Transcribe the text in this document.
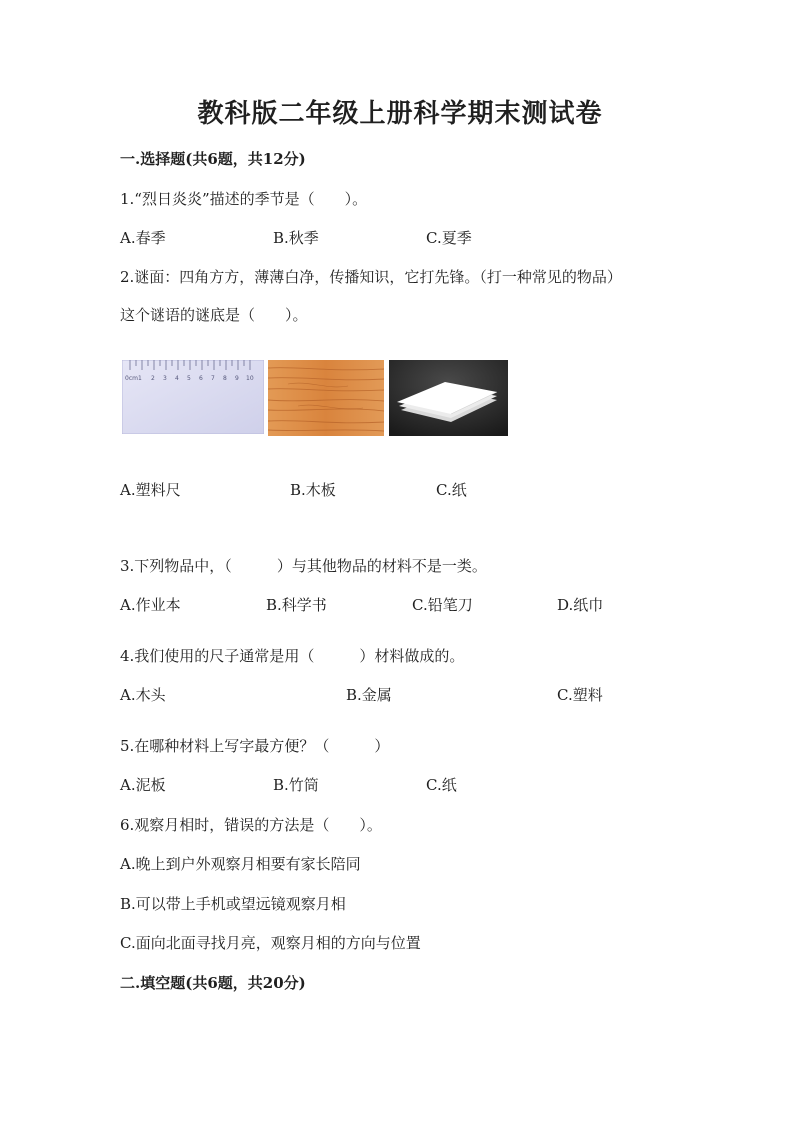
教科版二年级上册科学期末测试卷
一.选择题(共6题，共12分)
1.“烈日炎炎”描述的季节是（　　）。
A.春季	B.秋季	C.夏季
2.谜面：四角方方，薄薄白净，传播知识，它打先锋。（打一种常见的物品）
这个谜语的谜底是（　　）。
0cm1 2 3 4 5 6 7 8 9 10
A.塑料尺	B.木板	C.纸
3.下列物品中，（　　　）与其他物品的材料不是一类。
A.作业本	B.科学书	C.铅笔刀	D.纸巾
4.我们使用的尺子通常是用（　　　）材料做成的。
A.木头	B.金属	C.塑料
5.在哪种材料上写字最方便？（　　　）
A.泥板	B.竹筒	C.纸
6.观察月相时，错误的方法是（　　）。
A.晚上到户外观察月相要有家长陪同
B.可以带上手机或望远镜观察月相
C.面向北面寻找月亮，观察月相的方向与位置
二.填空题(共6题，共20分)
